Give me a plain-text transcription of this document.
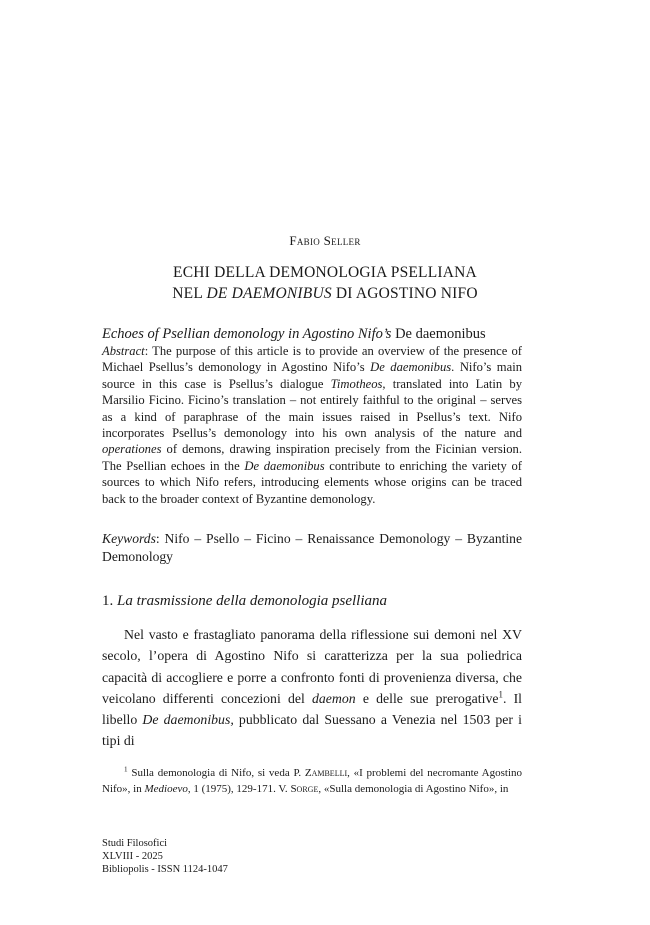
Fabio Seller
ECHI DELLA DEMONOLOGIA PSELLIANA
NEL DE DAEMONIBUS DI AGOSTINO NIFO
Echoes of Psellian demonology in Agostino Nifo’s De daemonibus
Abstract: The purpose of this article is to provide an overview of the presence of Michael Psellus’s demonology in Agostino Nifo’s De daemonibus. Nifo’s main source in this case is Psellus’s dialogue Timotheos, translated into Latin by Marsilio Ficino. Ficino’s translation – not entirely faithful to the original – serves as a kind of paraphrase of the main issues raised in Psellus’s text. Nifo incorporates Psellus’s demonology into his own analysis of the nature and operationes of demons, drawing inspiration precisely from the Ficinian version. The Psellian echoes in the De daemonibus contribute to enriching the variety of sources to which Nifo refers, introducing elements whose origins can be traced back to the broader context of Byzantine demonology.
Keywords: Nifo – Psello – Ficino – Renaissance Demonology – Byzantine Demonology
1. La trasmissione della demonologia pselliana
Nel vasto e frastagliato panorama della riflessione sui demoni nel XV secolo, l’opera di Agostino Nifo si caratterizza per la sua poliedrica capacità di accogliere e porre a confronto fonti di provenienza diversa, che veicolano differenti concezioni del daemon e delle sue prerogative$^1$. Il libello De daemonibus, pubblicato dal Suessano a Venezia nel 1503 per i tipi di
$^1$ Sulla demonologia di Nifo, si veda P. Zambelli, «I problemi del necromante Agostino Nifo», in Medioevo, 1 (1975), 129-171. V. Sorge, «Sulla demonologia di Agostino Nifo», in
Studi Filosofici
XLVIII - 2025
Bibliopolis - ISSN 1124-1047
